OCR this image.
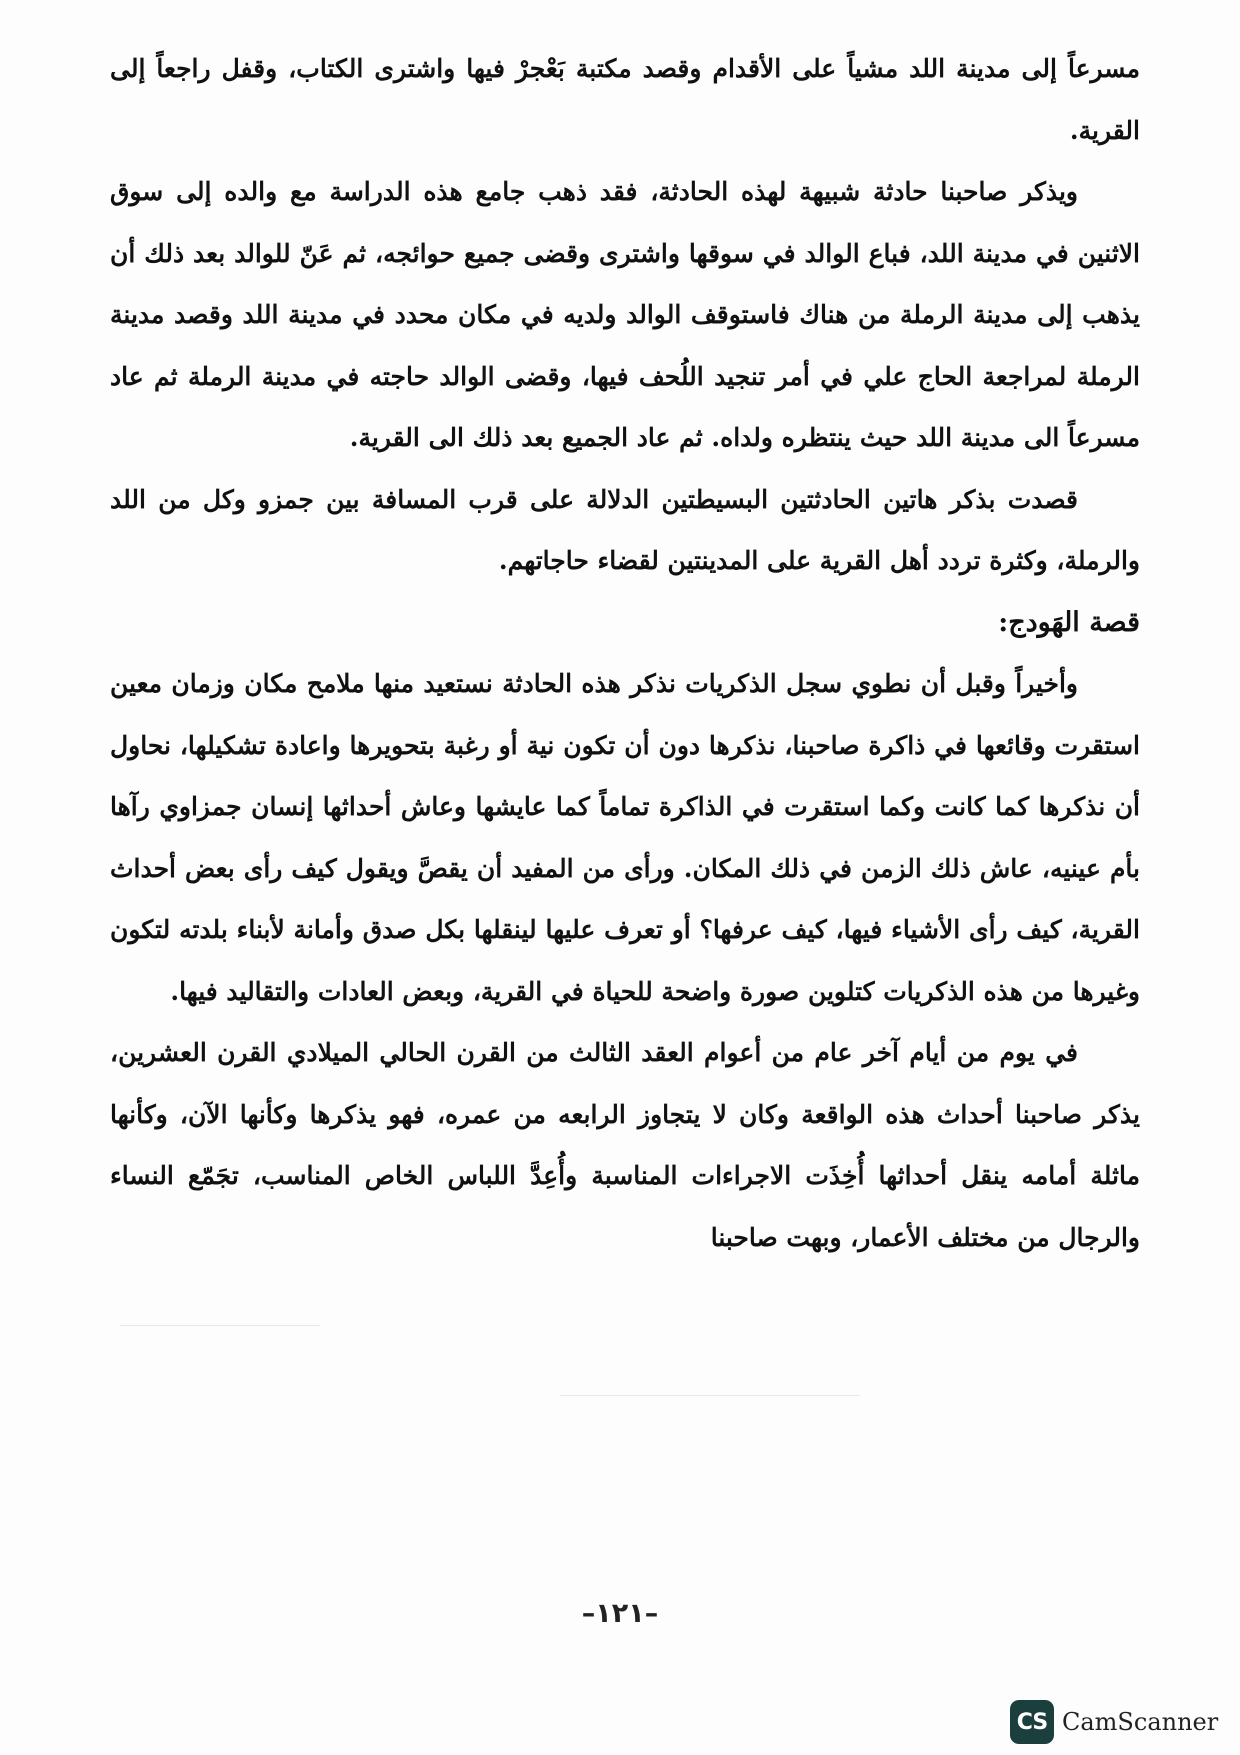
مسرعاً إلى مدينة اللد مشياً على الأقدام وقصد مكتبة بَعْجرْ فيها واشترى الكتاب، وقفل راجعاً إلى القرية.

ويذكر صاحبنا حادثة شبيهة لهذه الحادثة، فقد ذهب جامع هذه الدراسة مع والده إلى سوق الاثنين في مدينة اللد، فباع الوالد في سوقها واشترى وقضى جميع حوائجه، ثم عَنّ للوالد بعد ذلك أن يذهب إلى مدينة الرملة من هناك فاستوقف الوالد ولديه في مكان محدد في مدينة اللد وقصد مدينة الرملة لمراجعة الحاج علي في أمر تنجيد اللُحف فيها، وقضى الوالد حاجته في مدينة الرملة ثم عاد مسرعاً الى مدينة اللد حيث ينتظره ولداه. ثم عاد الجميع بعد ذلك الى القرية.

قصدت بذكر هاتين الحادثتين البسيطتين الدلالة على قرب المسافة بين جمزو وكل من اللد والرملة، وكثرة تردد أهل القرية على المدينتين لقضاء حاجاتهم.

قصة الهَودج:

وأخيراً وقبل أن نطوي سجل الذكريات نذكر هذه الحادثة نستعيد منها ملامح مكان وزمان معين استقرت وقائعها في ذاكرة صاحبنا، نذكرها دون أن تكون نية أو رغبة بتحويرها واعادة تشكيلها، نحاول أن نذكرها كما كانت وكما استقرت في الذاكرة تماماً كما عايشها وعاش أحداثها إنسان جمزاوي رآها بأم عينيه، عاش ذلك الزمن في ذلك المكان. ورأى من المفيد أن يقصَّ ويقول كيف رأى بعض أحداث القرية، كيف رأى الأشياء فيها، كيف عرفها؟ أو تعرف عليها لينقلها بكل صدق وأمانة لأبناء بلدته لتكون وغيرها من هذه الذكريات كتلوين صورة واضحة للحياة في القرية، وبعض العادات والتقاليد فيها.

في يوم من أيام آخر عام من أعوام العقد الثالث من القرن الحالي الميلادي القرن العشرين، يذكر صاحبنا أحداث هذه الواقعة وكان لا يتجاوز الرابعه من عمره، فهو يذكرها وكأنها الآن، وكأنها ماثلة أمامه ينقل أحداثها أُخِذَت الاجراءات المناسبة وأُعِدَّ اللباس الخاص المناسب، تجَمّع النساء والرجال من مختلف الأعمار، وبهت صاحبنا

–١٢١–
CS CamScanner
